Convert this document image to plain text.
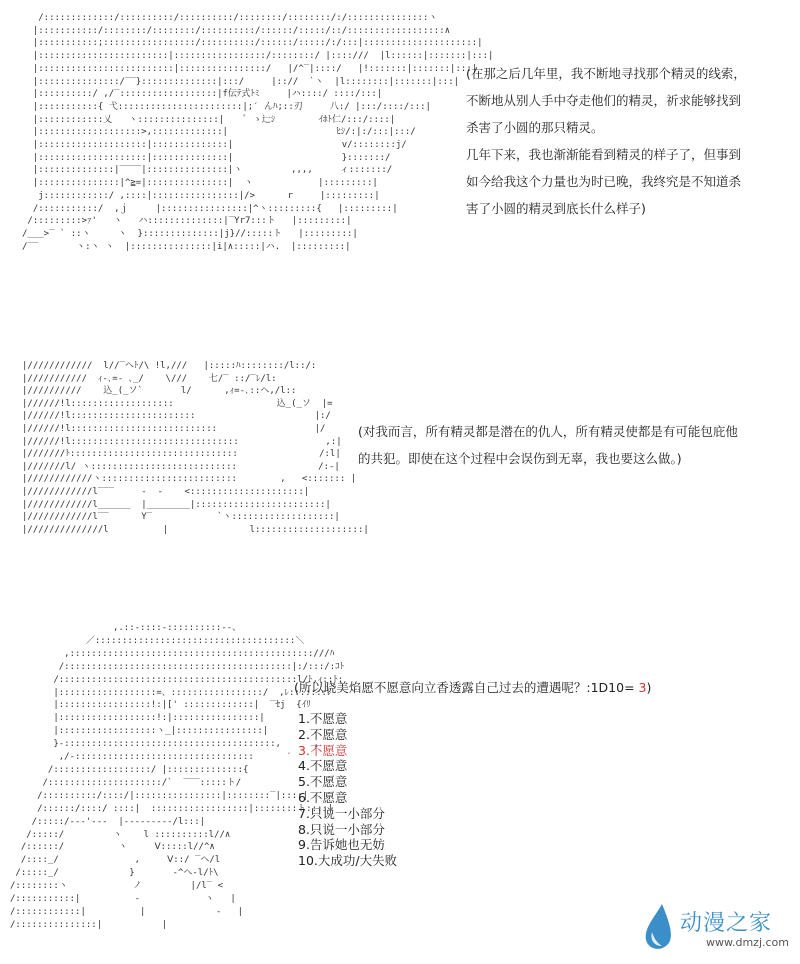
/:::::::::::::/::::::::::/::::::::::/::::::::/::::::::/:/:::::::::::::::ヽ
|:::::::::::/::::::::/::::::::/::::::::::/::::::/:::::/::/::::::::::::::::::∧
|:::::::::::;:::::::::::::::::/::::::::::/::::::/:::::/:/:::|:::::::::::::::::::::|
|::::::::::::::::::::::::|:::::::::::::::::/::::::::/ |::::///  |l::::::|:::::::|:::|
|:::::::::::::::::::::::::|::::::::::::::::/   |/^‾|::::/   |!:::::::|:::::::|:::|
|:::::::::::::::/‾‾}::::::::::::::|:::/     |:://  `ヽ  |l::::::::|:::::::|:::|
|::::::::::/ ,/‾::::::::::::::::::|f伝ﾃ式ﾄﾐ     |ハ::::/ ::::/:::|
|:::::::::::{ 弋:::::::::::::::::::::::|;′ んﾊ;::刃     八:/ |:::/::::/:::|
|::::::::::::乂   ヽ:::::::::::::::|    ﾞ ゝ辷ｼ        ｲﾎﾄ仁/:::/::::|
|:::::::::::::::::::>,:::::::::::::|                    ﾋｼ/:|:/:::|:::/
|::::::::::::::::::::|::::::::::::::|                    v/::::::::j/
|::::::::::::::::::::|::::::::::::::|                    }:::::::/
|::::::::::::::|‾‾‾‾|:::::::::::::::|ヽ         ,,,,     ィ:::::::/
|:::::::::::::::|^≧=|:::::::::::::::|  ヽ            |:::::::::|
j::::::::::::/ ,::::|::::::::::::::::|/>      r     |:::::::::|
/:::::::::::/  ,ｊ     |::::::::::::::::|^ヽ:::::::::{   |:::::::::|
/:::::::::>ｧ'   ヽ   ハ::::::::::::::|‾Yr7:::ト   |:::::::::|
/___>‾ ` ::ヽ     ヽ  }::::::::::::::|j}//:::::ト   |:::::::::|
/‾‾       ヽ:ヽ ヽ  |:::::::::::::::|i|∧:::::|ハ.  |:::::::::|

(在那之后几年里，我不断地寻找那个精灵的线索，

不断地从别人手中夺走他们的精灵，祈求能够找到

杀害了小圆的那只精灵。

几年下来，我也渐渐能看到精灵的样子了，但事到

如今给我这个力量也为时已晚，我终究是不知道杀

害了小圆的精灵到底长什么样子)

|////////////  l//‾ヘﾄ/\ !l,///   |:::::ﾊ::::::::/l::/:
|///////////  ｨ‐､=‐ ､_/    \///    七/‾ ::/‾ﾚ/l:
|//////////    込_(_ソ`       l/      ,ｨ=‐､::ヘ,/l::
|//////!l:::::::::::::::::::                   込_(_ソ  |=
|//////!l:::::::::::::::::::::::                      |:/
|//////!l:::::::::::::::::::::::::::                  |/
|//////!l:::::::::::::::::::::::::::::::                ,:|
|///////ﾄ:::::::::::::::::::::::::::::::               /:l|
|///////l/ ヽ:::::::::::::::::::::::::::               /:‐|
|////////////ヽ:::::::::::::::::::::::::        ,   <::::::: |
|////////////l‾‾‾     ‐  -    <:::::::::::::::::::::|
|////////////l______  |________|::::::::::::::::::::::::|
|////////////l‾‾      Y‾            `ヽ:::::::::::::::::::|
|//////////////l          |               l::::::::::::::::::::|

(对我而言，所有精灵都是潜在的仇人，所有精灵使都是有可能包庇他

的共犯。即使在这个过程中会误伤到无辜，我也要这么做。)

,.::‐::::‐::::::::::‐-、
／:::::::::::::::::::::::::::::::::::::＼
,:::::::::::::::::::::::::::::::::::::::::::::///ﾊ
/::::::::::::::::::::::::::::::::::::::::::|:/:::/:ｺﾄ
/::::::::::::::::::::::::::::::::::::::::::::l/ﾄ,ｨ::ﾄ:
|::::::::::::::::::=、:::::::::::::::::/  ,ﾚ:::::::ﾚ
|:::::::::::::::::!:|[' :::::::::::::|  ‾ｾj  {ｲﾘ
|::::::::::::::::::!:|::::::::::::::::|
|::::::::::::::::::ヽ_|::::::::::::::::|
}‐:::::::::::::::::::::::::::::::::::::::,      ,
,/‐:::::::::::::::::::::::::::::::::      ′
/::::::::::::::::::/ |::::::::::::::{
/:::::::::::::::::::::/`  ‾‾‾:::::ト/
/::::::::::/::::/|::::::::::::::::|::::::::‾|::::|
/::::::/::::/ ::::|  ::::::::::::::::::|::::::::ト::::|
/:::::/‐‐‐'‐‐‐  |‐‐‐‐‐‐‐‐‐/l:::|
/:::::/         ヽ    l ::::::::::l//∧
/::::::/          ヽ     Ⅴ:::::l//^∧
/::::_/              ,     Ⅴ::/ ‾ヘ/l
/:::::_/             }       ‐^ヘ‐l/ﾄ\
/::::::::ヽ            ノ         |/l‾ <
/:::::::::::|          ‐            ヽ   |
/::::::::::::|          |             ‐   |
/:::::::::::::::|           |
(所以晓美焰愿不愿意向立香透露自己过去的遭遇呢？:1D10= 3)
1.不愿意
2.不愿意
3.不愿意
4.不愿意
5.不愿意
6.不愿意
7.只说一小部分
8.只说一小部分
9.告诉她也无妨
10.大成功/大失败
动漫之家
www.dmzj.com
